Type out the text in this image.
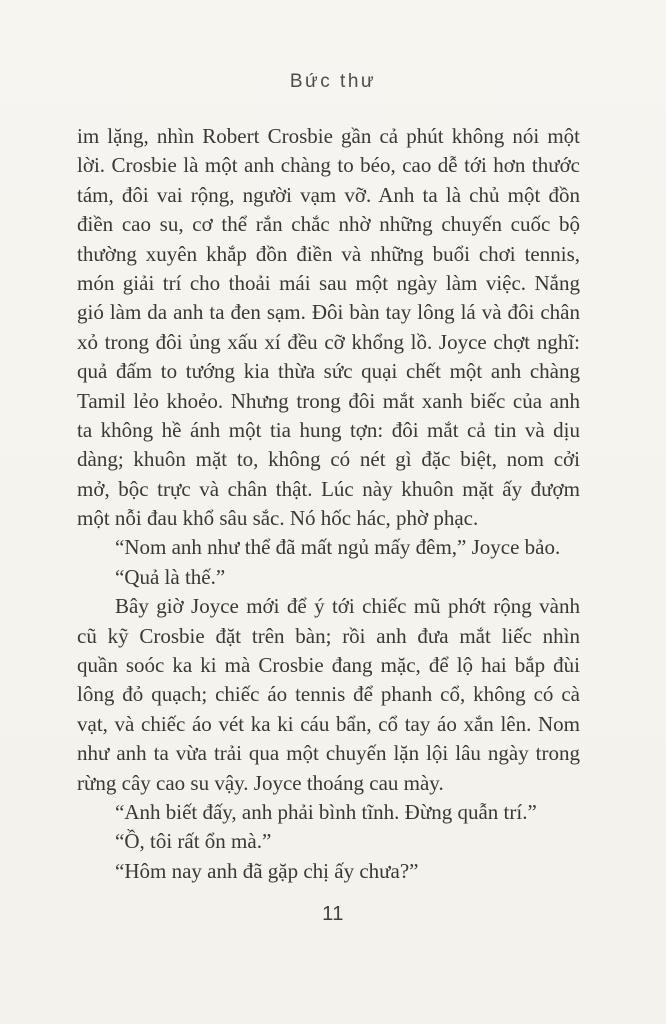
Bức thư
im lặng, nhìn Robert Crosbie gần cả phút không nói một
lời. Crosbie là một anh chàng to béo, cao dễ tới hơn thước
tám, đôi vai rộng, người vạm vỡ. Anh ta là chủ một đồn
điền cao su, cơ thể rắn chắc nhờ những chuyến cuốc bộ
thường xuyên khắp đồn điền và những buổi chơi tennis,
món giải trí cho thoải mái sau một ngày làm việc. Nắng
gió làm da anh ta đen sạm. Đôi bàn tay lông lá và đôi chân
xỏ trong đôi ủng xấu xí đều cỡ khổng lồ. Joyce chợt nghĩ:
quả đấm to tướng kia thừa sức quại chết một anh chàng
Tamil lẻo khoẻo. Nhưng trong đôi mắt xanh biếc của anh
ta không hề ánh một tia hung tợn: đôi mắt cả tin và dịu
dàng; khuôn mặt to, không có nét gì đặc biệt, nom cởi
mở, bộc trực và chân thật. Lúc này khuôn mặt ấy đượm
một nỗi đau khổ sâu sắc. Nó hốc hác, phờ phạc.
“Nom anh như thể đã mất ngủ mấy đêm,” Joyce bảo.
“Quả là thế.”
Bây giờ Joyce mới để ý tới chiếc mũ phớt rộng vành
cũ kỹ Crosbie đặt trên bàn; rồi anh đưa mắt liếc nhìn
quần soóc ka ki mà Crosbie đang mặc, để lộ hai bắp đùi
lông đỏ quạch; chiếc áo tennis để phanh cổ, không có cà
vạt, và chiếc áo vét ka ki cáu bẩn, cổ tay áo xắn lên. Nom
như anh ta vừa trải qua một chuyến lặn lội lâu ngày trong
rừng cây cao su vậy. Joyce thoáng cau mày.
“Anh biết đấy, anh phải bình tĩnh. Đừng quẫn trí.”
“Ồ, tôi rất ổn mà.”
“Hôm nay anh đã gặp chị ấy chưa?”
11
